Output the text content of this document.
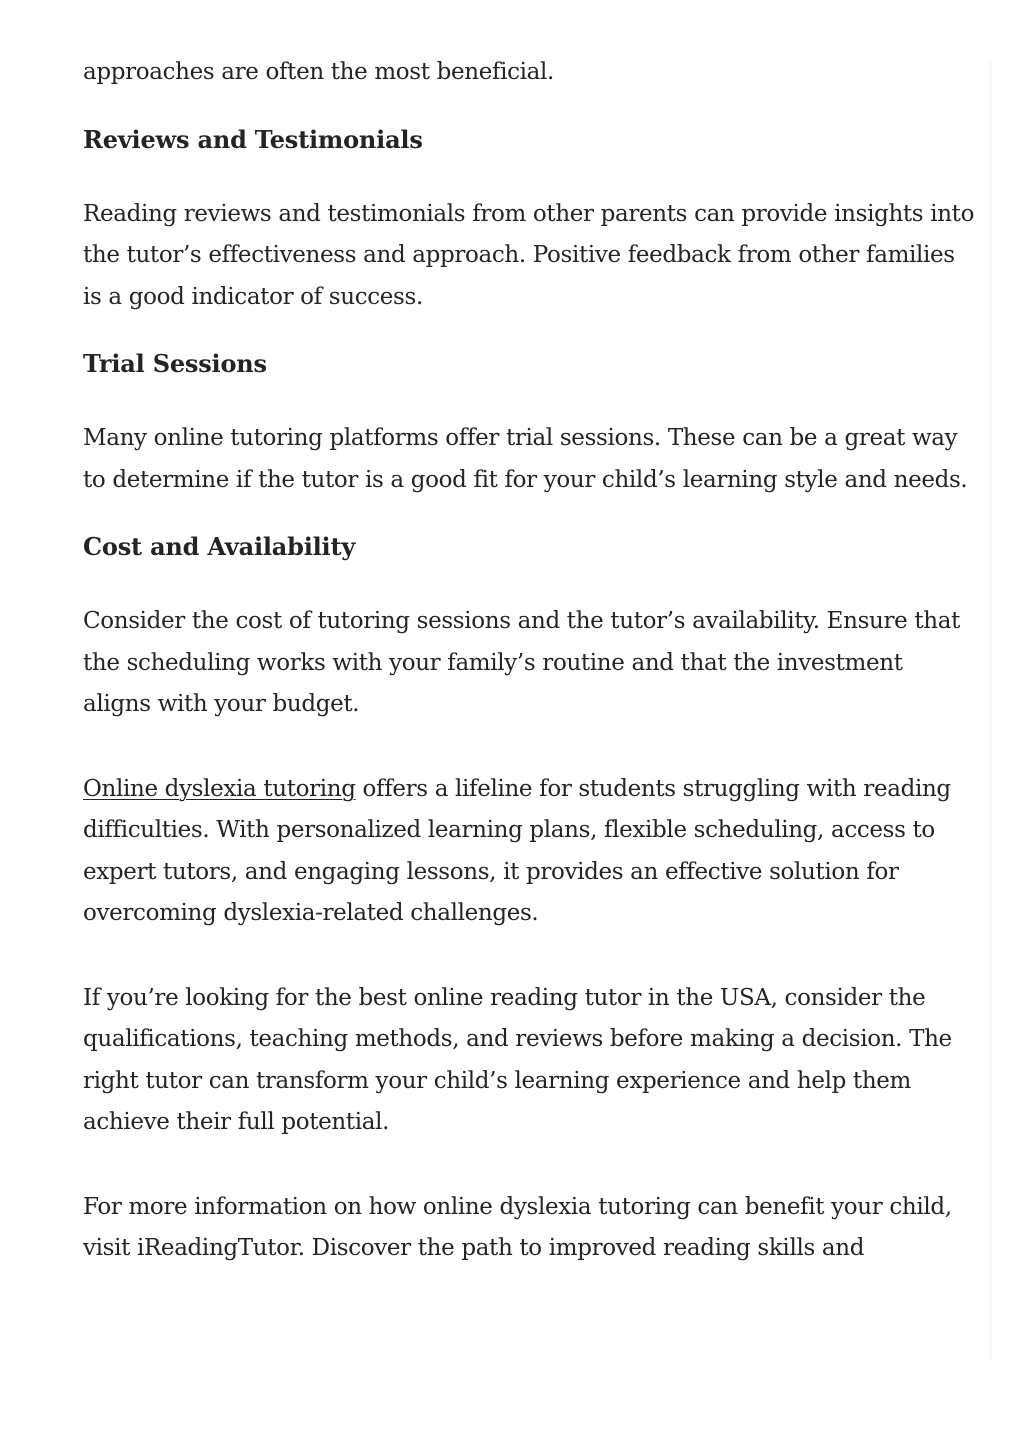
approaches are often the most beneficial.

Reviews and Testimonials

Reading reviews and testimonials from other parents can provide insights into the tutor’s effectiveness and approach. Positive feedback from other families is a good indicator of success.

Trial Sessions

Many online tutoring platforms offer trial sessions. These can be a great way to determine if the tutor is a good fit for your child’s learning style and needs.

Cost and Availability

Consider the cost of tutoring sessions and the tutor’s availability. Ensure that the scheduling works with your family’s routine and that the investment aligns with your budget.

Online dyslexia tutoring offers a lifeline for students struggling with reading difficulties. With personalized learning plans, flexible scheduling, access to expert tutors, and engaging lessons, it provides an effective solution for overcoming dyslexia-related challenges.

If you’re looking for the best online reading tutor in the USA, consider the qualifications, teaching methods, and reviews before making a decision. The right tutor can transform your child’s learning experience and help them achieve their full potential.

For more information on how online dyslexia tutoring can benefit your child, visit iReadingTutor. Discover the path to improved reading skills and
